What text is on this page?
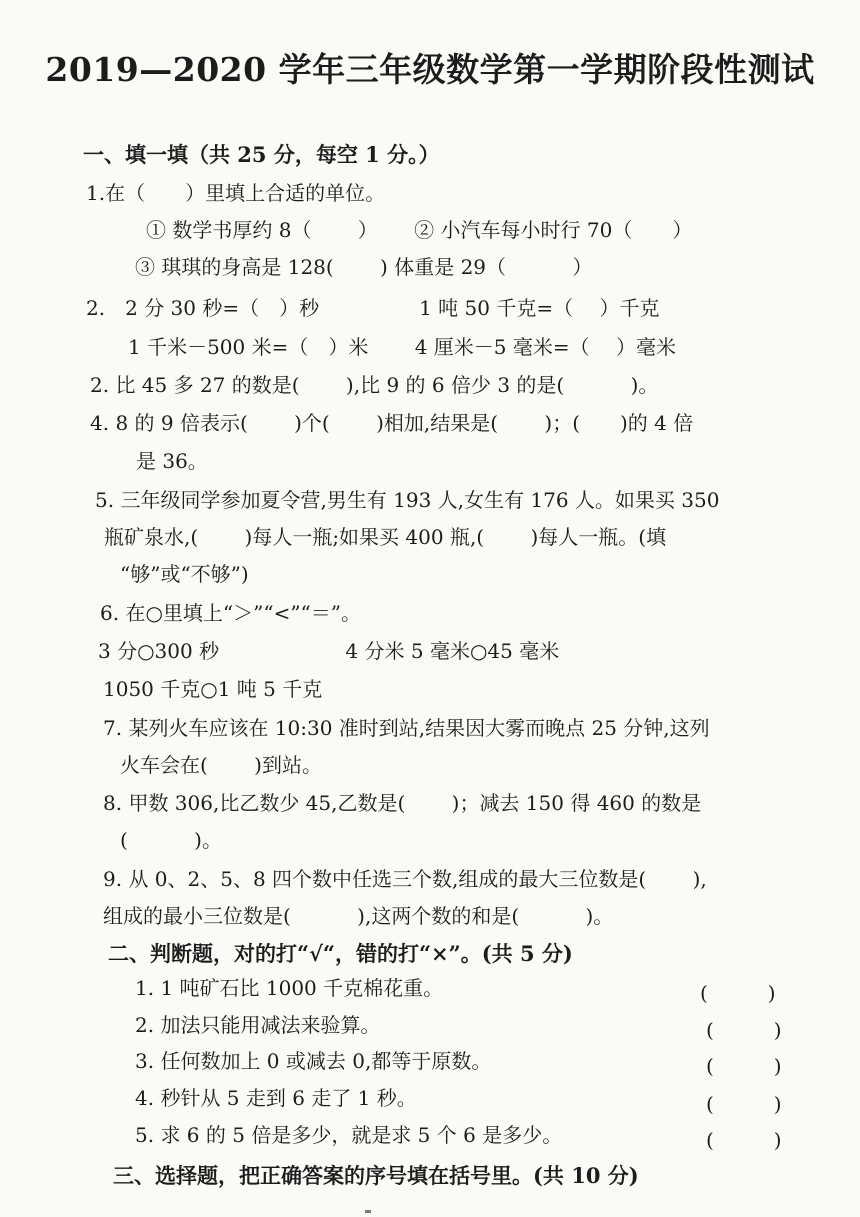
2019—2020 学年三年级数学第一学期阶段性测试
一、填一填（共 25 分，每空 1 分。）
1.在（　　）里填上合适的单位。
① 数学书厚约 8（　　 ）　　 ② 小汽车每小时行 70（　　）
③ 琪琪的身高是 128(　　 ) 体重是 29（　　　 ）
2.　2 分 30 秒=（　）秒　　　　　1 吨 50 千克=（　 ）千克
1 千米－500 米=（　）米　　 4 厘米－5 毫米=（　 ）毫米
2. 比 45 多 27 的数是(　　 ),比 9 的 6 倍少 3 的是(　　　 )。
4. 8 的 9 倍表示(　　 )个(　　 )相加,结果是(　　 )；(　　)的 4 倍
是 36。
5. 三年级同学参加夏令营,男生有 193 人,女生有 176 人。如果买 350
瓶矿泉水,(　　 )每人一瓶;如果买 400 瓶,(　　 )每人一瓶。(填
“够”或“不够”)
6. 在○里填上“＞”“<”“＝”。
3 分○300 秒　　　　　　 4 分米 5 毫米○45 毫米
1050 千克○1 吨 5 千克
7. 某列火车应该在 10:30 准时到站,结果因大雾而晚点 25 分钟,这列
火车会在(　　 )到站。
8. 甲数 306,比乙数少 45,乙数是(　　 )；减去 150 得 460 的数是
(　　　 )。
9. 从 0、2、5、8 四个数中任选三个数,组成的最大三位数是(　　 ),
组成的最小三位数是(　　　 ),这两个数的和是(　　　 )。
二、判断题，对的打“√“，错的打“×”。(共 5 分)
1. 1 吨矿石比 1000 千克棉花重。	(　　　)
2. 加法只能用减法来验算。	(　　　)
3. 任何数加上 0 或减去 0,都等于原数。	(　　　)
4. 秒针从 5 走到 6 走了 1 秒。	(　　　)
5. 求 6 的 5 倍是多少，就是求 5 个 6 是多少。	(　　　)
三、选择题，把正确答案的序号填在括号里。(共 10 分)
